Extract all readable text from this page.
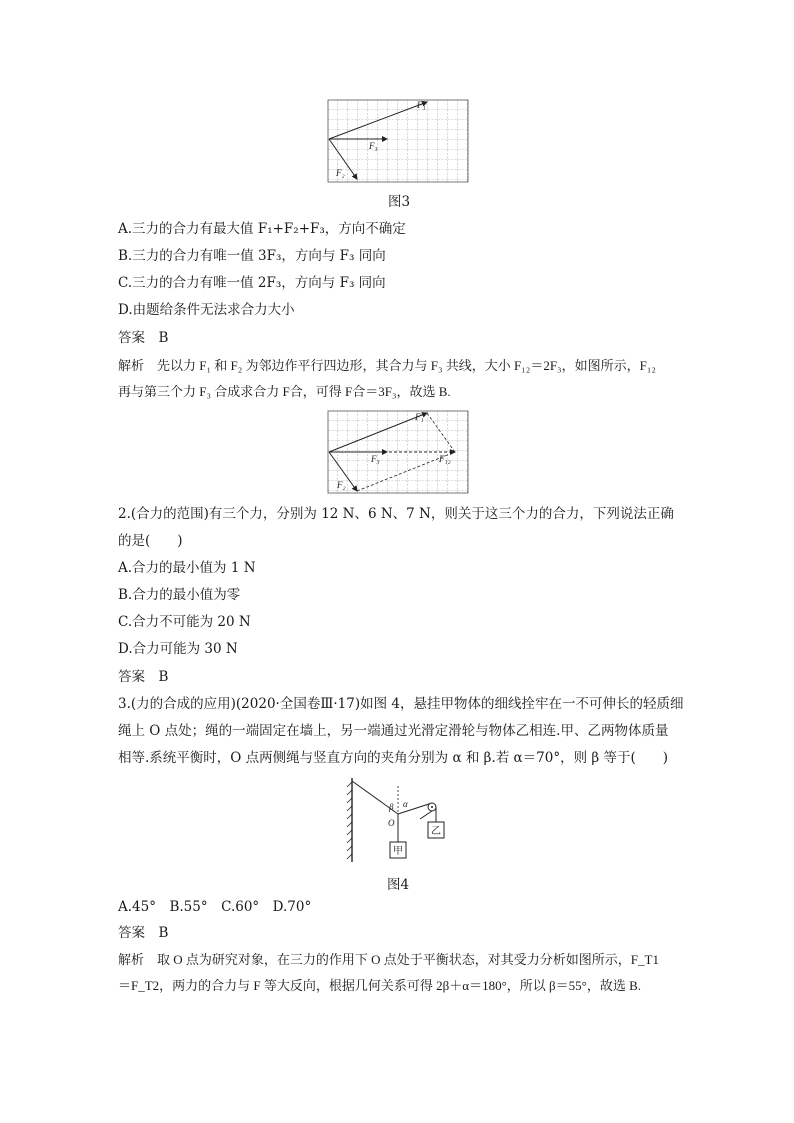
F₁
F₃
F₂
图3
A.三力的合力有最大值 F₁+F₂+F₃，方向不确定
B.三力的合力有唯一值 3F₃，方向与 F₃ 同向
C.三力的合力有唯一值 2F₃，方向与 F₃ 同向
D.由题给条件无法求合力大小
答案　B
解析　先以力 F₁ 和 F₂ 为邻边作平行四边形，其合力与 F₃ 共线，大小 F₁₂＝2F₃，如图所示，F₁₂
再与第三个力 F₃ 合成求合力 F合，可得 F合＝3F₃，故选 B.
F₁
F₃
F₂
F₁₂
2.(合力的范围)有三个力，分别为 12 N、6 N、7 N，则关于这三个力的合力，下列说法正确
的是(　　)
A.合力的最小值为 1 N
B.合力的最小值为零
C.合力不可能为 20 N
D.合力可能为 30 N
答案　B
3.(力的合成的应用)(2020·全国卷Ⅲ·17)如图 4，悬挂甲物体的细线拴牢在一不可伸长的轻质细
绳上 O 点处；绳的一端固定在墙上，另一端通过光滑定滑轮与物体乙相连.甲、乙两物体质量
相等.系统平衡时，O 点两侧绳与竖直方向的夹角分别为 α 和 β.若 α＝70°，则 β 等于(　　)
甲
乙
β α
O
图4
A.45°　B.55°　C.60°　D.70°
答案　B
解析　取 O 点为研究对象，在三力的作用下 O 点处于平衡状态，对其受力分析如图所示，F_T1
＝F_T2，两力的合力与 F 等大反向，根据几何关系可得 2β＋α＝180°，所以 β＝55°，故选 B.
